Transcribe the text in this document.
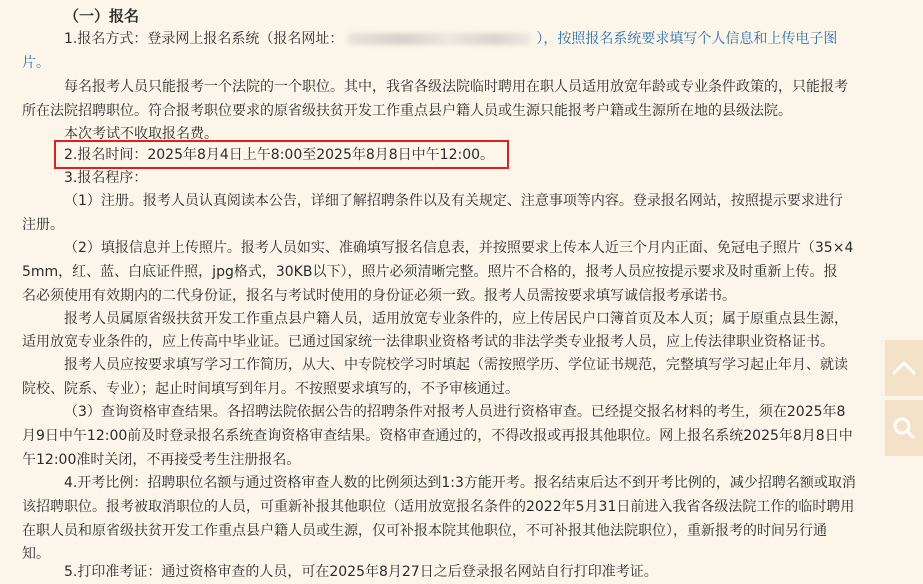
（一）报名
1.报名方式：登录网上报名系统（报名网址：	），按照报名系统要求填写个人信息和上传电子图
片。
每名报考人员只能报考一个法院的一个职位。其中，我省各级法院临时聘用在职人员适用放宽年龄或专业条件政策的，只能报考
所在法院招聘职位。符合报考职位要求的原省级扶贫开发工作重点县户籍人员或生源只能报考户籍或生源所在地的县级法院。
本次考试不收取报名费。
2.报名时间：2025年8月4日上午8:00至2025年8月8日中午12:00。
3.报名程序：
（1）注册。报考人员认真阅读本公告，详细了解招聘条件以及有关规定、注意事项等内容。登录报名网站，按照提示要求进行
注册。
（2）填报信息并上传照片。报考人员如实、准确填写报名信息表，并按照要求上传本人近三个月内正面、免冠电子照片（35×4
5mm，红、蓝、白底证件照，jpg格式，30KB以下），照片必须清晰完整。照片不合格的，报考人员应按提示要求及时重新上传。报
名必须使用有效期内的二代身份证，报名与考试时使用的身份证必须一致。报考人员需按要求填写诚信报考承诺书。
报考人员属原省级扶贫开发工作重点县户籍人员，适用放宽专业条件的，应上传居民户口簿首页及本人页；属于原重点县生源，
适用放宽专业条件的，应上传高中毕业证。已通过国家统一法律职业资格考试的非法学类专业报考人员，应上传法律职业资格证书。
报考人员应按要求填写学习工作简历，从大、中专院校学习时填起（需按照学历、学位证书规范，完整填写学习起止年月、就读
院校、院系、专业）；起止时间填写到年月。不按照要求填写的，不予审核通过。
（3）查询资格审查结果。各招聘法院依据公告的招聘条件对报考人员进行资格审查。已经提交报名材料的考生，须在2025年8
月9日中午12:00前及时登录报名系统查询资格审查结果。资格审查通过的，不得改报或再报其他职位。网上报名系统2025年8月8日中
午12:00准时关闭，不再接受考生注册报名。
4.开考比例：招聘职位名额与通过资格审查人数的比例须达到1:3方能开考。报名结束后达不到开考比例的，减少招聘名额或取消
该招聘职位。报考被取消职位的人员，可重新补报其他职位（适用放宽报名条件的2022年5月31日前进入我省各级法院工作的临时聘用
在职人员和原省级扶贫开发工作重点县户籍人员或生源，仅可补报本院其他职位，不可补报其他法院职位），重新报考的时间另行通
知。
5.打印准考证：通过资格审查的人员，可在2025年8月27日之后登录报名网站自行打印准考证。
